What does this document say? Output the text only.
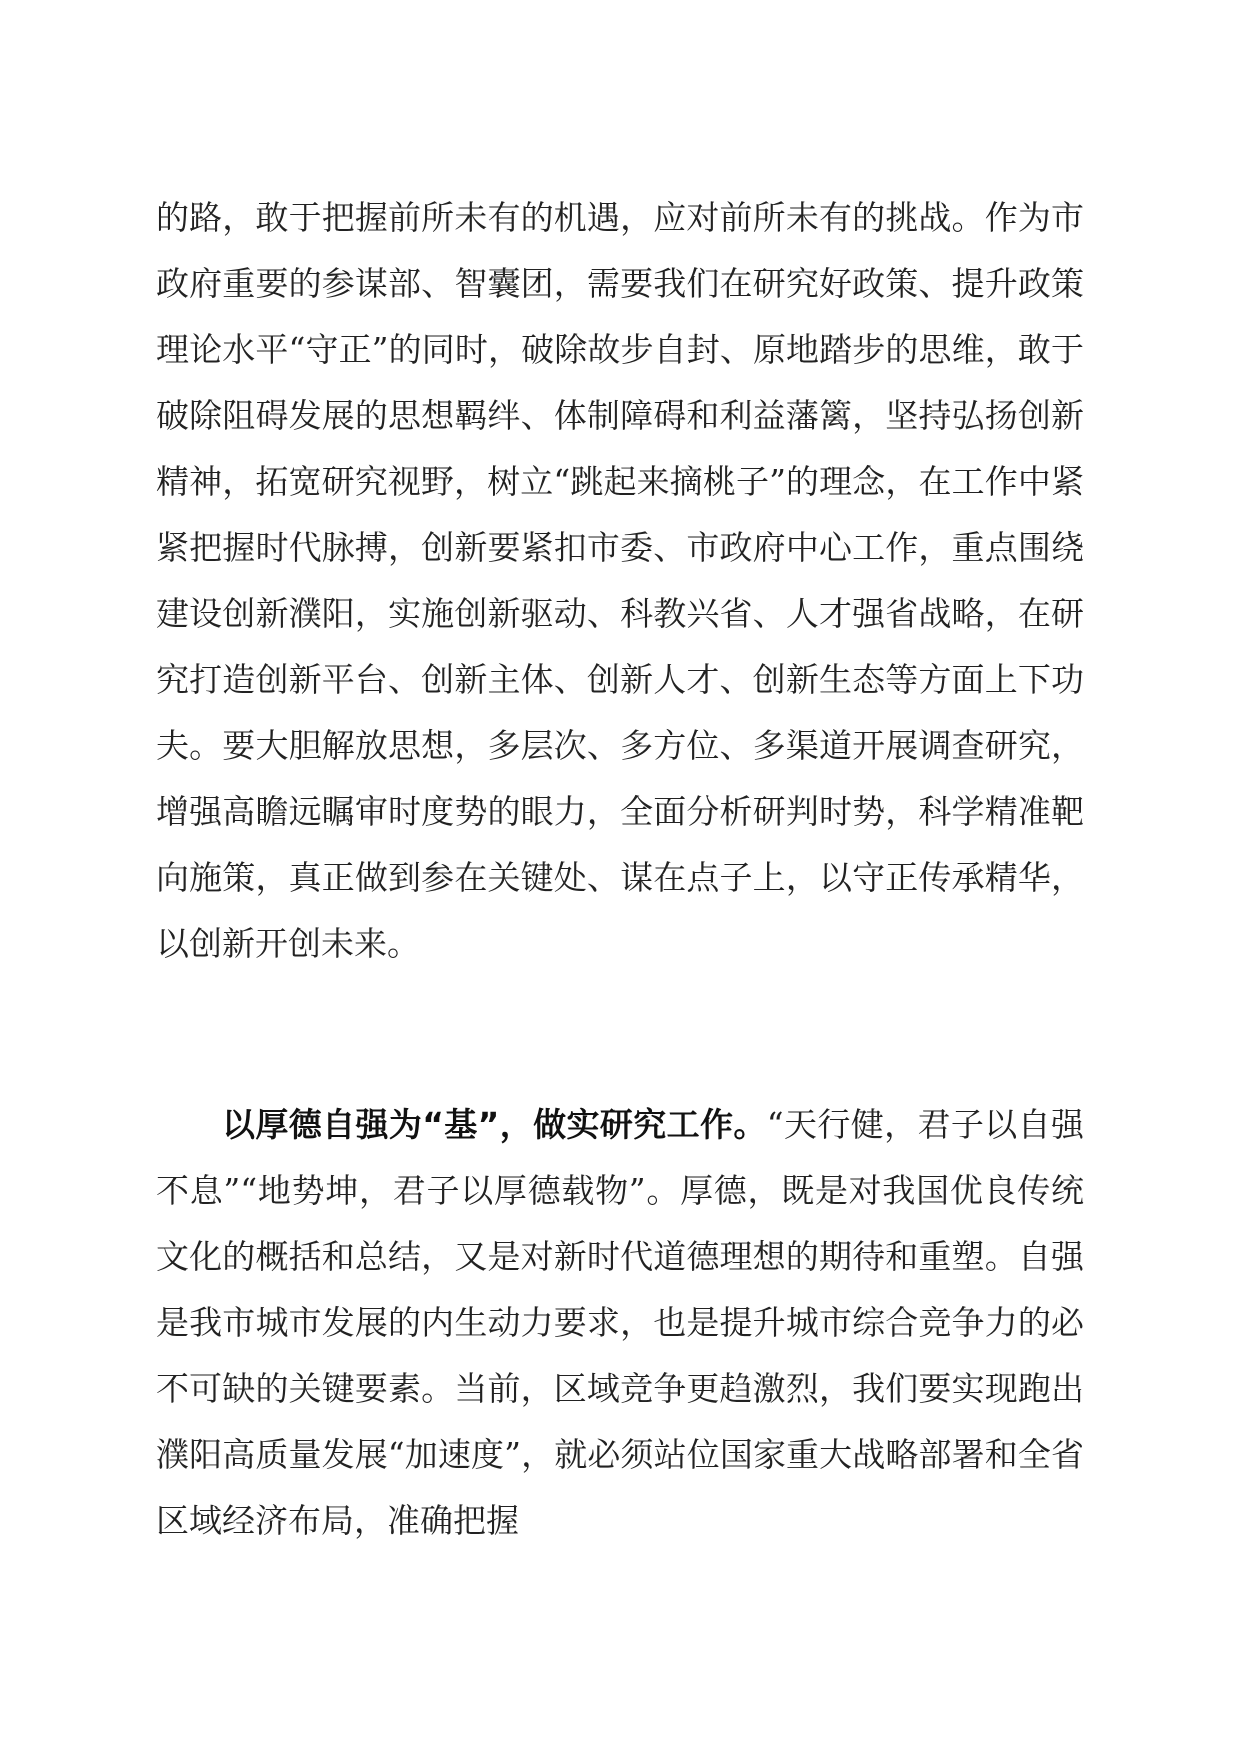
的路，敢于把握前所未有的机遇，应对前所未有的挑战。作为市政府重要的参谋部、智囊团，需要我们在研究好政策、提升政策理论水平“守正”的同时，破除故步自封、原地踏步的思维，敢于破除阻碍发展的思想羁绊、体制障碍和利益藩篱，坚持弘扬创新精神，拓宽研究视野，树立“跳起来摘桃子”的理念，在工作中紧紧把握时代脉搏，创新要紧扣市委、市政府中心工作，重点围绕建设创新濮阳，实施创新驱动、科教兴省、人才强省战略，在研究打造创新平台、创新主体、创新人才、创新生态等方面上下功夫。要大胆解放思想，多层次、多方位、多渠道开展调查研究，增强高瞻远瞩审时度势的眼力，全面分析研判时势，科学精准靶向施策，真正做到参在关键处、谋在点子上，以守正传承精华，以创新开创未来。

以厚德自强为“基”，做实研究工作。“天行健，君子以自强不息”“地势坤，君子以厚德载物”。厚德，既是对我国优良传统文化的概括和总结，又是对新时代道德理想的期待和重塑。自强是我市城市发展的内生动力要求，也是提升城市综合竞争力的必不可缺的关键要素。当前，区域竞争更趋激烈，我们要实现跑出濮阳高质量发展“加速度”，就必须站位国家重大战略部署和全省区域经济布局，准确把握
